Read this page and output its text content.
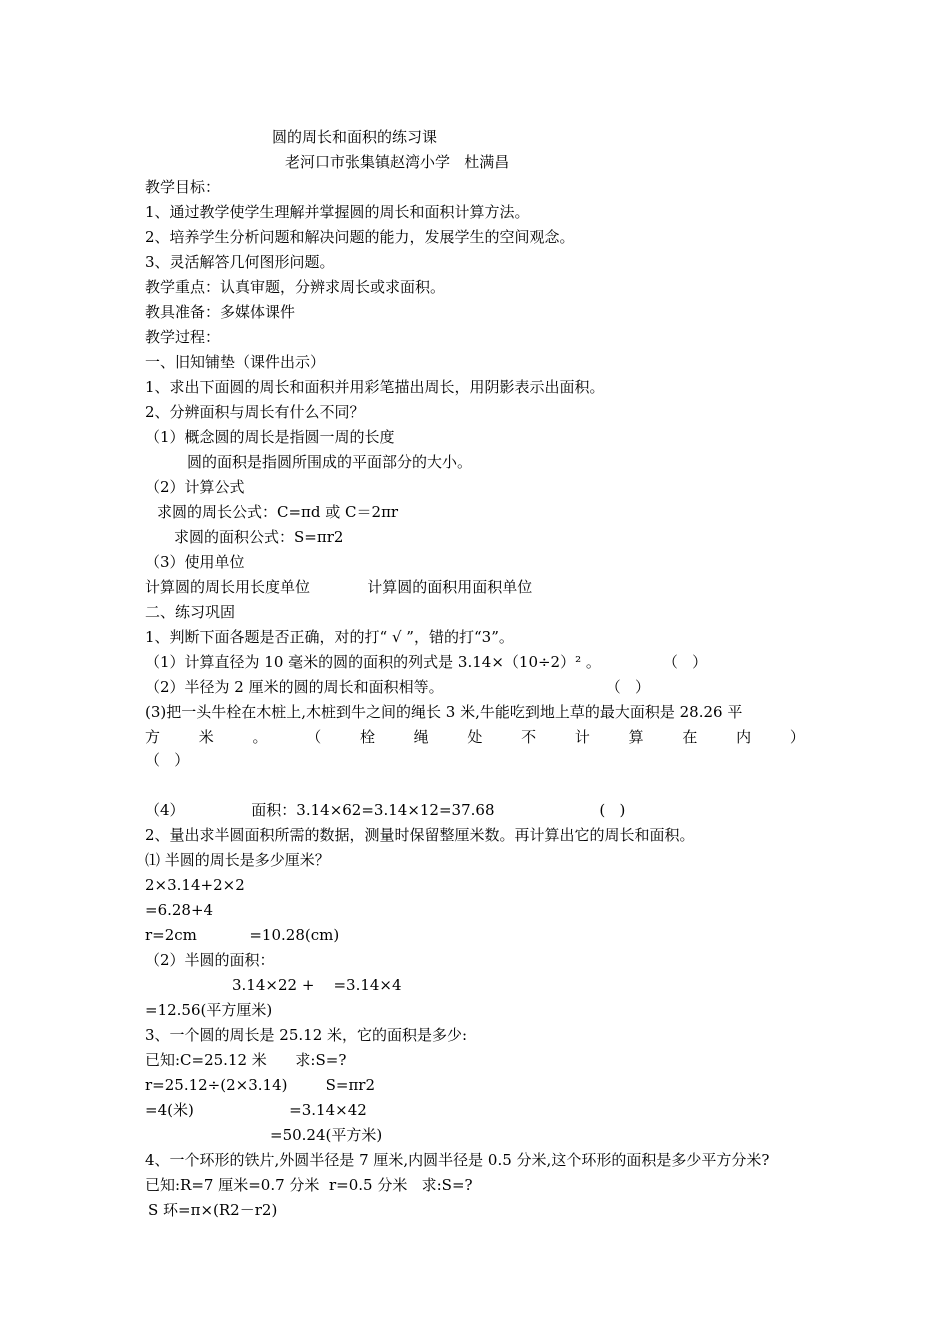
圆的周长和面积的练习课
老河口市张集镇赵湾小学   杜满昌
教学目标：
1、通过教学使学生理解并掌握圆的周长和面积计算方法。
2、培养学生分析问题和解决问题的能力，发展学生的空间观念。
3、灵活解答几何图形问题。
教学重点：认真审题，分辨求周长或求面积。
教具准备：多媒体课件
教学过程：
一、旧知铺垫（课件出示）
1、求出下面圆的周长和面积并用彩笔描出周长，用阴影表示出面积。
2、分辨面积与周长有什么不同？
（1）概念圆的周长是指圆一周的长度
圆的面积是指圆所围成的平面部分的大小。
（2）计算公式
求圆的周长公式：C=πd 或 C＝2πr
求圆的面积公式：S=πr2
（3）使用单位
计算圆的周长用长度单位            计算圆的面积用面积单位
二、练习巩固
1、判断下面各题是否正确，对的打“ √ ”，错的打“3”。
（1）计算直径为 10 毫米的圆的面积的列式是 3.14×（10÷2）² 。             （   ）
（2）半径为 2 厘米的圆的周长和面积相等。                                  （   ）
(3)把一头牛栓在木桩上,木桩到牛之间的绳长 3 米,牛能吃到地上草的最大面积是 28.26 平
方	米	。	（	栓	绳	处	不	计	算	在	内	）
（   ）
（4）              面积：3.14×62=3.14×12=37.68                      (   )
2、量出求半圆面积所需的数据，测量时保留整厘米数。再计算出它的周长和面积。
⑴ 半圆的周长是多少厘米？
2×3.14+2×2
=6.28+4
r=2cm           =10.28(cm)
（2）半圆的面积：
3.14×22 +    =3.14×4
=12.56(平方厘米)
3、一个圆的周长是 25.12 米，它的面积是多少:
已知:C=25.12 米      求:S=?
r=25.12÷(2×3.14)        S=πr2
=4(米)                    =3.14×42
=50.24(平方米)
4、一个环形的铁片,外圆半径是 7 厘米,内圆半径是 0.5 分米,这个环形的面积是多少平方分米?
已知:R=7 厘米=0.7 分米  r=0.5 分米   求:S=?
S 环=π×(R2－r2)
